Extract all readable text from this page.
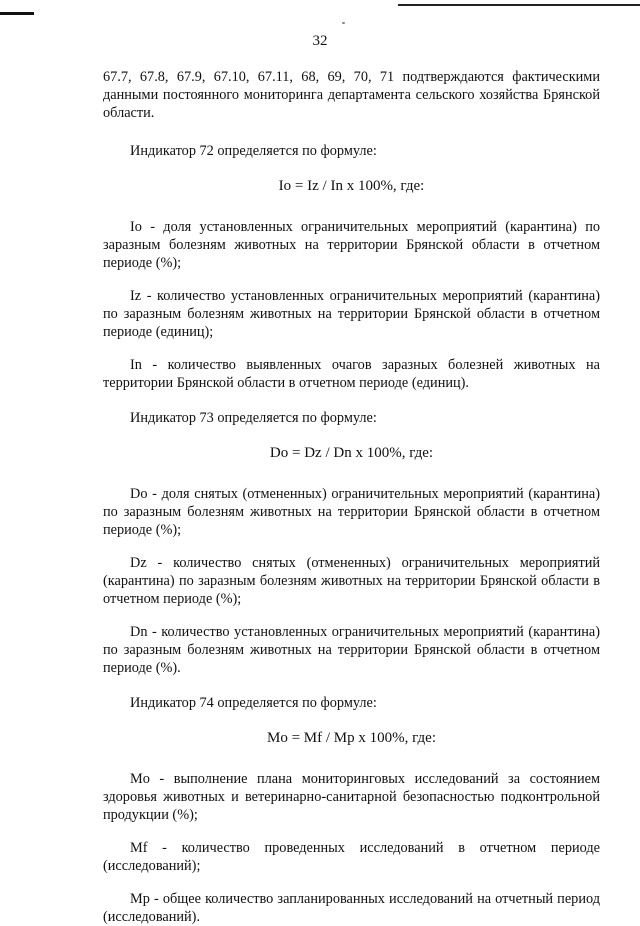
32

67.7, 67.8, 67.9, 67.10, 67.11, 68, 69, 70, 71 подтверждаются фактическими данными постоянного мониторинга департамента сельского хозяйства Брянской области.

Индикатор 72 определяется по формуле:

Io = Iz / In x 100%, где:

Io - доля установленных ограничительных мероприятий (карантина) по заразным болезням животных на территории Брянской области в отчетном периоде (%);

Iz - количество установленных ограничительных мероприятий (карантина) по заразным болезням животных на территории Брянской области в отчетном периоде (единиц);

In - количество выявленных очагов заразных болезней животных на территории Брянской области в отчетном периоде (единиц).

Индикатор 73 определяется по формуле:

Do = Dz / Dn x 100%, где:

Do - доля снятых (отмененных) ограничительных мероприятий (карантина) по заразным болезням животных на территории Брянской области в отчетном периоде (%);

Dz - количество снятых (отмененных) ограничительных мероприятий (карантина) по заразным болезням животных на территории Брянской области в отчетном периоде (%);

Dn - количество установленных ограничительных мероприятий (карантина) по заразным болезням животных на территории Брянской области в отчетном периоде (%).

Индикатор 74 определяется по формуле:

Mo = Mf / Mp x 100%, где:

Mo - выполнение плана мониторинговых исследований за состоянием здоровья животных и ветеринарно-санитарной безопасностью подконтрольной продукции (%);

Mf - количество проведенных исследований в отчетном периоде (исследований);

Mp - общее количество запланированных исследований на отчетный период (исследований).
